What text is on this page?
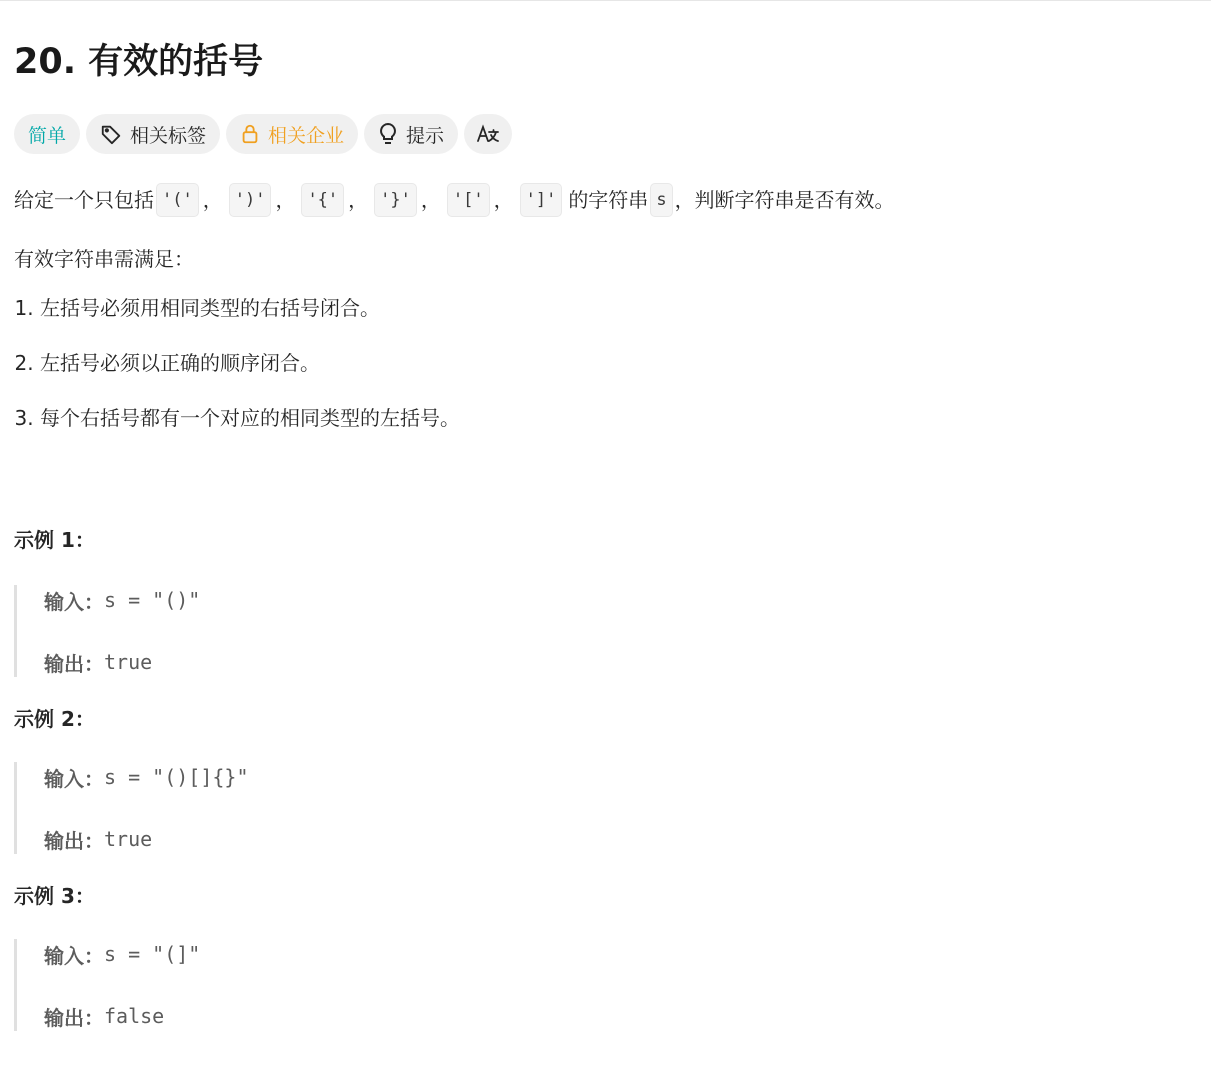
20. 有效的括号
简单	相关标签	相关企业	提示

给定一个只包括 '(' ， ')' ， '{' ， '}' ， '[' ， ']' 的字符串 s ，判断字符串是否有效。

有效字符串需满足：

1. 左括号必须用相同类型的右括号闭合。
2. 左括号必须以正确的顺序闭合。
3. 每个右括号都有一个对应的相同类型的左括号。

示例 1：

输入： s = "()"
输出： true

示例 2：

输入： s = "()[]{}"
输出： true

示例 3：

输入： s = "(]"
输出： false
